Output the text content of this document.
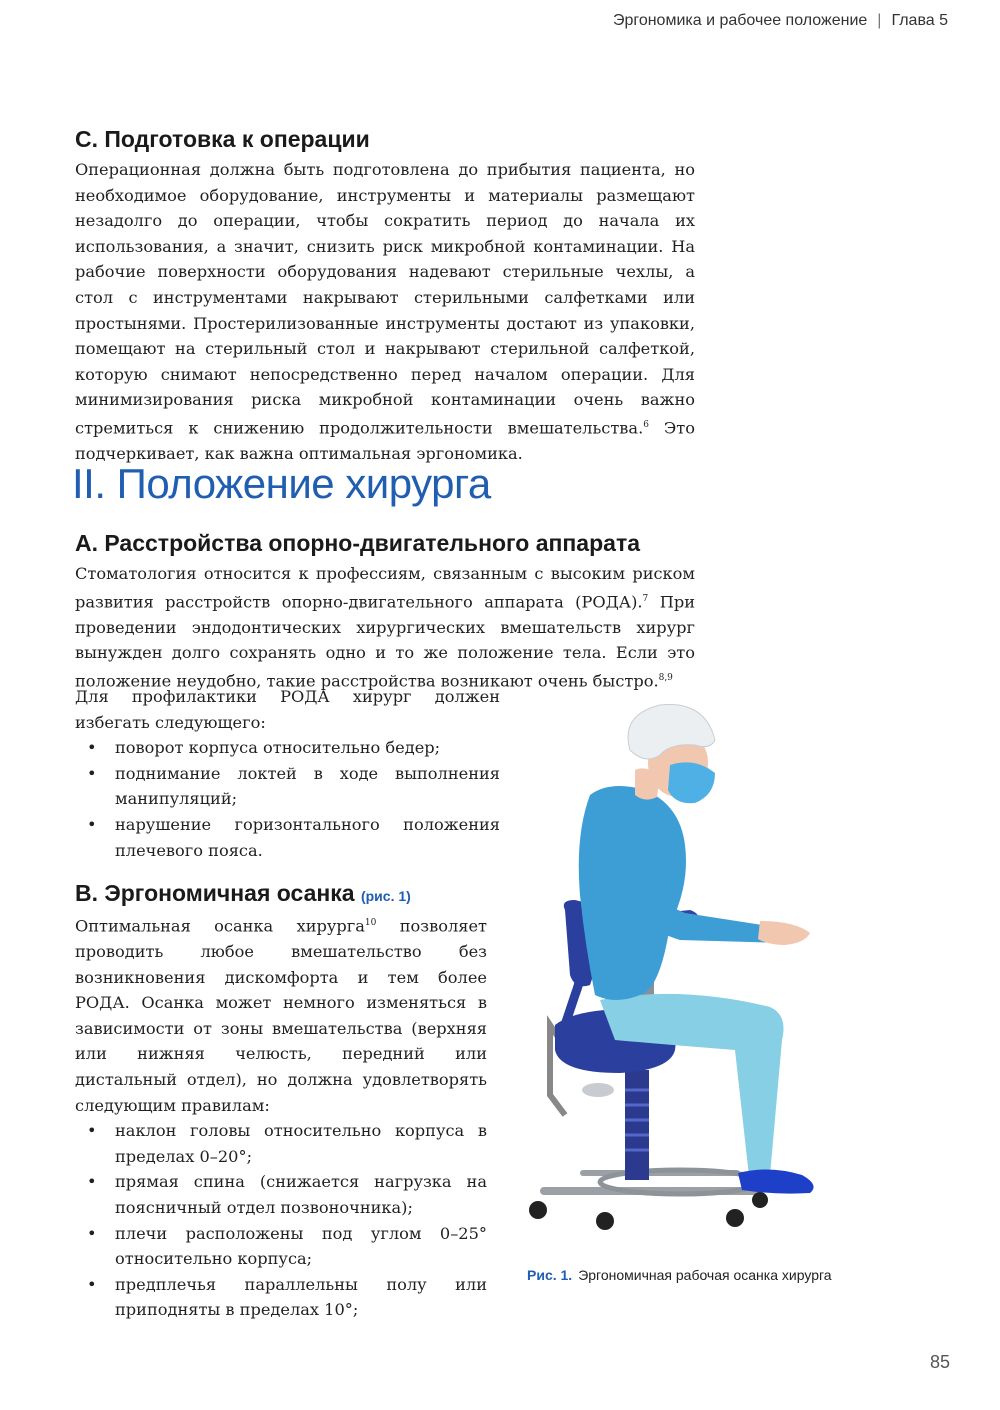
Эргономика и рабочее положение | Глава 5
C. Подготовка к операции

Операционная должна быть подготовлена до прибытия пациента, но необходимое оборудование, инструменты и материалы размещают незадолго до операции, чтобы сократить период до начала их использования, а значит, снизить риск микробной контаминации. На рабочие поверхности оборудования надевают стерильные чехлы, а стол с инструментами накрывают стерильными салфетками или простынями. Простерилизованные инструменты достают из упаковки, помещают на стерильный стол и накрывают стерильной салфеткой, которую снимают непосредственно перед началом операции. Для минимизирования риска микробной контаминации очень важно стремиться к снижению продолжительности вмешательства.$^6$ Это подчеркивает, как важна оптимальная эргономика.

II. Положение хирурга
A. Расстройства опорно-двигательного аппарата

Стоматология относится к профессиям, связанным с высоким риском развития расстройств опорно-двигательного аппарата (РОДА).$^7$ При проведении эндодонтических хирургических вмешательств хирург вынужден долго сохранять одно и то же положение тела. Если это положение неудобно, такие расстройства возникают очень быстро.$^{8,9}$

Для профилактики РОДА хирург должен избегать следующего:

• поворот корпуса относительно бедер;
• поднимание локтей в ходе выполнения манипуляций;
• нарушение горизонтального положения плечевого пояса.
B. Эргономичная осанка (рис. 1)

Оптимальная осанка хирурга$^{10}$ позволяет проводить любое вмешательство без возникновения дискомфорта и тем более РОДА. Осанка может немного изменяться в зависимости от зоны вмешательства (верхняя или нижняя челюсть, передний или дистальный отдел), но должна удовлетворять следующим правилам:

• наклон головы относительно корпуса в пределах 0–20°;
• прямая спина (снижается нагрузка на поясничный отдел позвоночника);
• плечи расположены под углом 0–25° относительно корпуса;
• предплечья параллельны полу или приподняты в пределах 10°;
Рис. 1. Эргономичная рабочая осанка хирурга
85
